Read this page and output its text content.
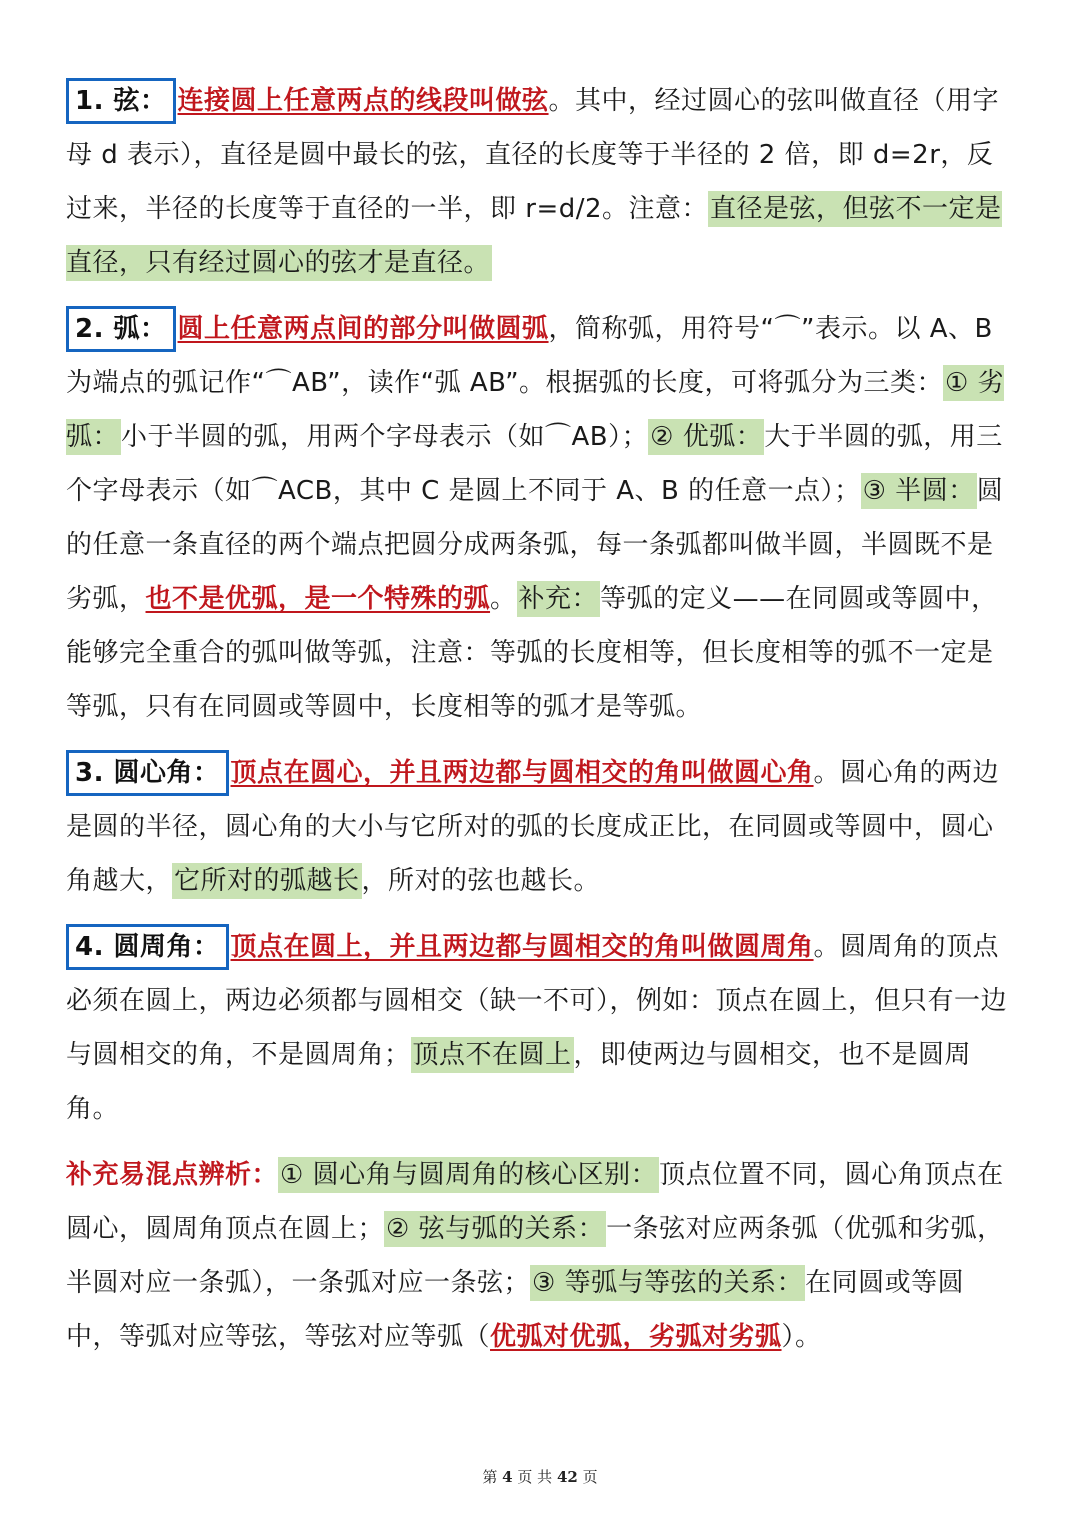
1. 弦： 连接圆上任意两点的线段叫做弦。其中，经过圆心的弦叫做直径（用字母 d 表示），直径是圆中最长的弦，直径的长度等于半径的 2 倍，即 d=2r，反过来，半径的长度等于直径的一半，即 r=d/2。注意：直径是弦，但弦不一定是直径，只有经过圆心的弦才是直径。

2. 弧： 圆上任意两点间的部分叫做圆弧，简称弧，用符号“⌒”表示。以 A、B 为端点的弧记作“⌒AB”，读作“弧 AB”。根据弧的长度，可将弧分为三类：① 劣弧：小于半圆的弧，用两个字母表示（如⌒AB）；② 优弧：大于半圆的弧，用三个字母表示（如⌒ACB，其中 C 是圆上不同于 A、B 的任意一点）；③ 半圆：圆的任意一条直径的两个端点把圆分成两条弧，每一条弧都叫做半圆，半圆既不是劣弧，也不是优弧，是一个特殊的弧。补充：等弧的定义——在同圆或等圆中，能够完全重合的弧叫做等弧，注意：等弧的长度相等，但长度相等的弧不一定是等弧，只有在同圆或等圆中，长度相等的弧才是等弧。

3. 圆心角： 顶点在圆心，并且两边都与圆相交的角叫做圆心角。圆心角的两边是圆的半径，圆心角的大小与它所对的弧的长度成正比，在同圆或等圆中，圆心角越大，它所对的弧越长，所对的弦也越长。

4. 圆周角： 顶点在圆上，并且两边都与圆相交的角叫做圆周角。圆周角的顶点必须在圆上，两边必须都与圆相交（缺一不可），例如：顶点在圆上，但只有一边与圆相交的角，不是圆周角；顶点不在圆上，即使两边与圆相交，也不是圆周角。

补充易混点辨析：① 圆心角与圆周角的核心区别：顶点位置不同，圆心角顶点在圆心，圆周角顶点在圆上；② 弦与弧的关系：一条弦对应两条弧（优弧和劣弧，半圆对应一条弧），一条弧对应一条弦；③ 等弧与等弦的关系：在同圆或等圆中，等弧对应等弦，等弦对应等弧（优弧对优弧，劣弧对劣弧）。

第 4 页 共 42 页
